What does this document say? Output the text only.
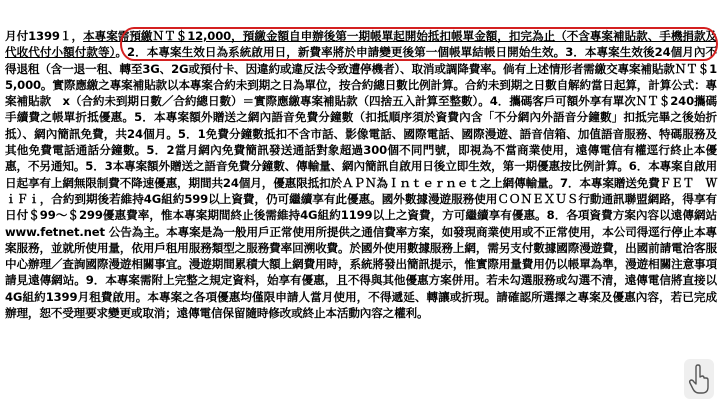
月付1399１，本專案需預繳ＮＴ＄12,000，預繳金額自申辦後第一期帳單起開始抵扣帳單金額，扣完為止（不含專案補貼款、手機捐款及代收代付小額付款等）。2．本專案生效日為系統啟用日，新費率將於申請變更後第一個帳單結帳日開始生效。3．本專案生效後24個月內不得退租（含一退一租、轉至3G、2G或預付卡、因違約或違反法令致遭停機者）、取消或調降費率。倘有上述情形者需繳交專案補貼款ＮＴ＄15,000。實際應繳之專案補貼款以本專案合約未到期之日為單位，按合約總日數比例計算。合約未到期之日數自解約當日起算，計算公式：專案補貼款　x（合約未到期日數／合約總日數）＝實際應繳專案補貼款（四捨五入計算至整數）。4．攜碼客戶可額外享有單次ＮＴ＄240攜碼手續費之帳單折抵優惠。5．本專案額外贈送之網內語音免費分鐘數（扣抵順序須於資費內含「不分網內外語音分鐘數」扣抵完畢之後始折抵）、網內簡訊免費，共24個月。5．1免費分鐘數抵扣不含市話、影像電話、國際電話、國際漫遊、語音信箱、加值語音服務、特碼服務及其他免費電話通話分鐘數。5．2當月網內免費簡訊發送通話對象超過300個不同門號，即視為不當商業使用，遠傳電信有權逕行終止本優惠，不另通知。5．3本專案額外贈送之語音免費分鐘數、傳輸量、網內簡訊自啟用日後立即生效，第一期優惠按比例計算。6．本專案自啟用日起享有上網無限制費不降速優惠，期間共24個月，優惠限抵扣於ＡＰＮ為Ｉｎｔｅｒｎｅｔ之上網傳輸量。7．本專案贈送免費ＦＥＴ　ＷｉＦｉ，合約到期後若維持4G組約599以上資費，仍可繼續享有此優惠。國外數據漫遊服務使用ＣＯＮＥＸＵＳ行動通訊聯盟網路，得享有日付＄99～＄299優惠費率，惟本專案期間終止後需維持4G組約1199以上之資費，方可繼續享有優惠。8．各項資費方案內容以遠傳網站 www.fetnet.net 公告為主。本專案是為一般用戶正常使用所提供之通信費率方案，如發現商業使用或不正常使用，本公司得逕行停止本專案服務，並就所使用量，依用戶租用服務類型之服務費率回溯收費。於國外使用數據服務上網，需另支付數據國際漫遊費，出國前請電洽客服中心辦理／查詢國際漫遊相關事宜。漫遊期間累積大額上網費用時，系統將發出簡訊提示，惟實際用量費用仍以帳單為準，漫遊相關注意事項請見遠傳網站。9．本專案需附上完整之規定資料，始享有優惠，且不得與其他優惠方案併用。若未勾選服務或勾選不清，遠傳電信將直接以4G組約1399月租費啟用。本專案之各項優惠均僅限申請人當月使用，不得遞延、轉讓或折現。請確認所選擇之專案及優惠內容，若已完成辦理，恕不受理要求變更或取消；遠傳電信保留隨時修改或終止本活動內容之權利。
